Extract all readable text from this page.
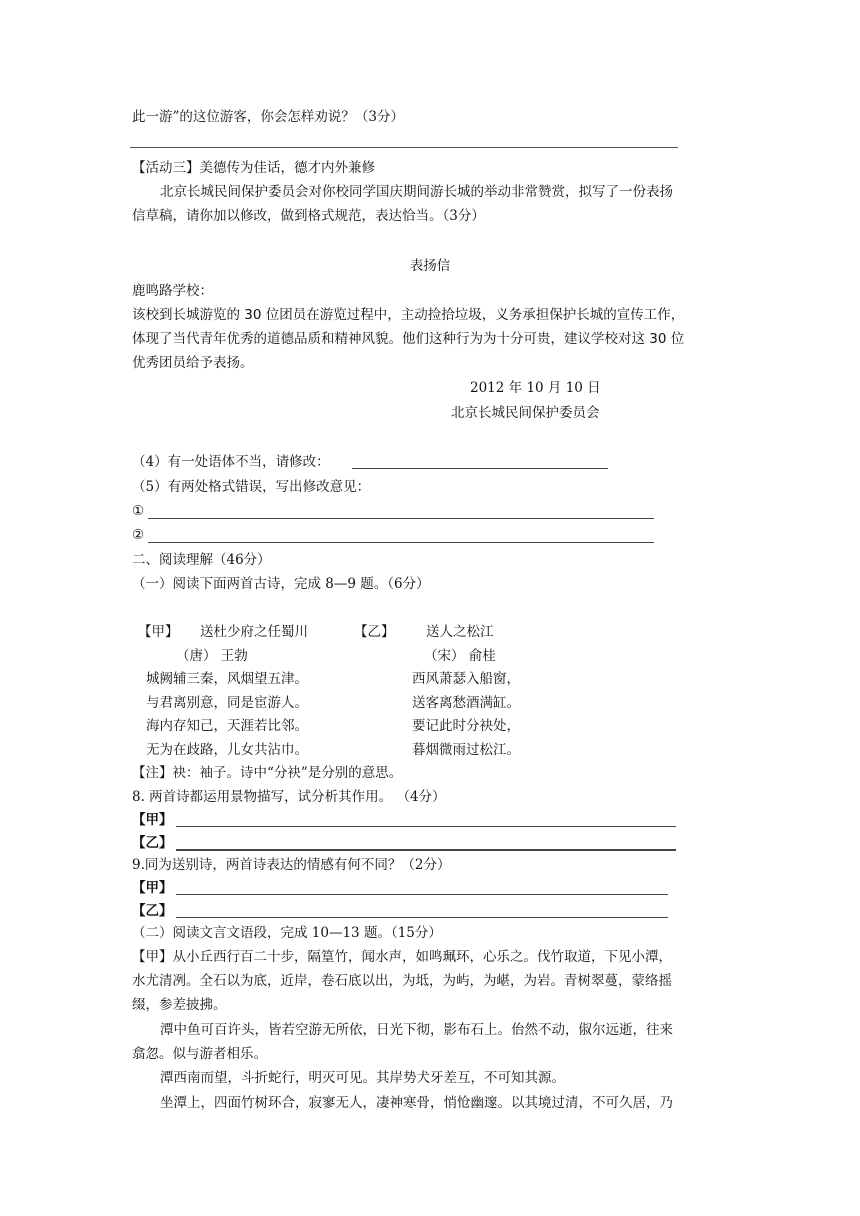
此一游”的这位游客，你会怎样劝说？（3分）
【活动三】美德传为佳话，德才内外兼修
北京长城民间保护委员会对你校同学国庆期间游长城的举动非常赞赏，拟写了一份表扬
信草稿，请你加以修改，做到格式规范，表达恰当。（3分）
表扬信
鹿鸣路学校：
该校到长城游览的 30 位团员在游览过程中，主动捡拾垃圾，义务承担保护长城的宣传工作，
体现了当代青年优秀的道德品质和精神风貌。他们这种行为为十分可贵，建议学校对这 30 位
优秀团员给予表扬。
2012 年 10 月 10 日
北京长城民间保护委员会
（4）有一处语体不当，请修改：
（5）有两处格式错误，写出修改意见：
①
②
二、阅读理解（46分）
（一）阅读下面两首古诗，完成 8—9 题。（6分）
【甲】 送杜少府之任蜀川
（唐） 王勃
城阙辅三秦，风烟望五津。
与君离别意，同是宦游人。
海内存知己，天涯若比邻。
无为在歧路，儿女共沾巾。
【乙】 送人之松江
（宋） 俞桂
西风萧瑟入船窗，
送客离愁酒满缸。
要记此时分袂处，
暮烟微雨过松江。
【注】袂：袖子。诗中“分袂”是分别的意思。
8. 两首诗都运用景物描写，试分析其作用。 （4分）
【甲】
【乙】
9.同为送别诗，两首诗表达的情感有何不同？（2分）
【甲】
【乙】
（二）阅读文言文语段，完成 10—13 题。（15分）
【甲】从小丘西行百二十步，隔篁竹，闻水声，如鸣珮环，心乐之。伐竹取道，下见小潭，
水尤清冽。全石以为底，近岸，卷石底以出，为坻，为屿，为嵁，为岩。青树翠蔓，蒙络摇
缀，参差披拂。
潭中鱼可百许头，皆若空游无所依，日光下彻，影布石上。佁然不动，俶尔远逝，往来
翕忽。似与游者相乐。
潭西南而望，斗折蛇行，明灭可见。其岸势犬牙差互，不可知其源。
坐潭上，四面竹树环合，寂寥无人，凄神寒骨，悄怆幽邃。以其境过清，不可久居，乃
